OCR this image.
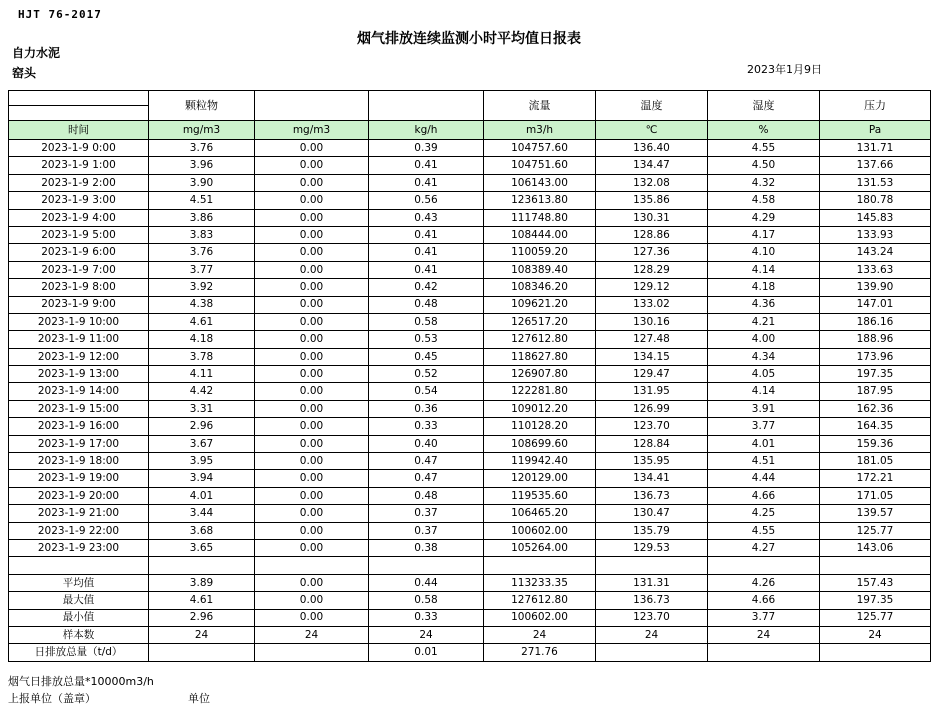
HJT 76-2017
烟气排放连续监测小时平均值日报表
自力水泥
窑头	2023年1月9日
	颗粒物			流量	温度	湿度	压力

时间	mg/m3	mg/m3	kg/h	m3/h	℃	%	Pa
2023-1-9 0:00	3.76	0.00	0.39	104757.60	136.40	4.55	131.71
2023-1-9 1:00	3.96	0.00	0.41	104751.60	134.47	4.50	137.66
2023-1-9 2:00	3.90	0.00	0.41	106143.00	132.08	4.32	131.53
2023-1-9 3:00	4.51	0.00	0.56	123613.80	135.86	4.58	180.78
2023-1-9 4:00	3.86	0.00	0.43	111748.80	130.31	4.29	145.83
2023-1-9 5:00	3.83	0.00	0.41	108444.00	128.86	4.17	133.93
2023-1-9 6:00	3.76	0.00	0.41	110059.20	127.36	4.10	143.24
2023-1-9 7:00	3.77	0.00	0.41	108389.40	128.29	4.14	133.63
2023-1-9 8:00	3.92	0.00	0.42	108346.20	129.12	4.18	139.90
2023-1-9 9:00	4.38	0.00	0.48	109621.20	133.02	4.36	147.01
2023-1-9 10:00	4.61	0.00	0.58	126517.20	130.16	4.21	186.16
2023-1-9 11:00	4.18	0.00	0.53	127612.80	127.48	4.00	188.96
2023-1-9 12:00	3.78	0.00	0.45	118627.80	134.15	4.34	173.96
2023-1-9 13:00	4.11	0.00	0.52	126907.80	129.47	4.05	197.35
2023-1-9 14:00	4.42	0.00	0.54	122281.80	131.95	4.14	187.95
2023-1-9 15:00	3.31	0.00	0.36	109012.20	126.99	3.91	162.36
2023-1-9 16:00	2.96	0.00	0.33	110128.20	123.70	3.77	164.35
2023-1-9 17:00	3.67	0.00	0.40	108699.60	128.84	4.01	159.36
2023-1-9 18:00	3.95	0.00	0.47	119942.40	135.95	4.51	181.05
2023-1-9 19:00	3.94	0.00	0.47	120129.00	134.41	4.44	172.21
2023-1-9 20:00	4.01	0.00	0.48	119535.60	136.73	4.66	171.05
2023-1-9 21:00	3.44	0.00	0.37	106465.20	130.47	4.25	139.57
2023-1-9 22:00	3.68	0.00	0.37	100602.00	135.79	4.55	125.77
2023-1-9 23:00	3.65	0.00	0.38	105264.00	129.53	4.27	143.06

平均值	3.89	0.00	0.44	113233.35	131.31	4.26	157.43
最大值	4.61	0.00	0.58	127612.80	136.73	4.66	197.35
最小值	2.96	0.00	0.33	100602.00	123.70	3.77	125.77
样本数	24	24	24	24	24	24	24
日排放总量（t/d）			0.01	271.76			
烟气日排放总量*10000m3/h
上报单位（盖章）	单位
